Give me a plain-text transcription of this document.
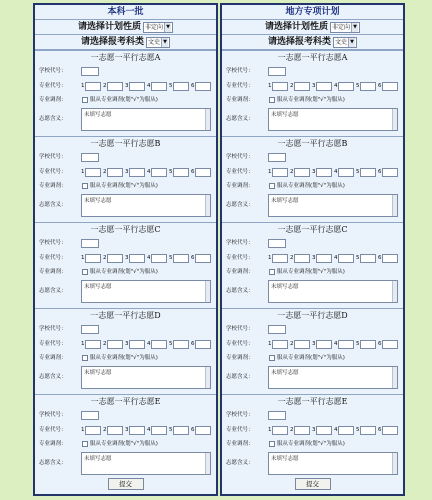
本科一批
请选择计划性质 非定向 ▼
请选择报考科类 文史 ▼
一志愿一平行志愿A
学校代号：
专业代号：	1	2	3	4	5	6
专业调剂：	服从专业调剂(划"√"为服从)
志愿含义：
未填写志愿
一志愿一平行志愿B
学校代号：
专业代号：	1	2	3	4	5	6
专业调剂：	服从专业调剂(划"√"为服从)
志愿含义：
未填写志愿
一志愿一平行志愿C
学校代号：
专业代号：	1	2	3	4	5	6
专业调剂：	服从专业调剂(划"√"为服从)
志愿含义：
未填写志愿
一志愿一平行志愿D
学校代号：
专业代号：	1	2	3	4	5	6
专业调剂：	服从专业调剂(划"√"为服从)
志愿含义：
未填写志愿
一志愿一平行志愿E
学校代号：
专业代号：	1	2	3	4	5	6
专业调剂：	服从专业调剂(划"√"为服从)
志愿含义：
未填写志愿
提交
地方专项计划
请选择计划性质 非定向 ▼
请选择报考科类 文史 ▼
一志愿一平行志愿A
学校代号：
专业代号：	1	2	3	4	5	6
专业调剂：	服从专业调剂(划"√"为服从)
志愿含义：
未填写志愿
一志愿一平行志愿B
学校代号：
专业代号：	1	2	3	4	5	6
专业调剂：	服从专业调剂(划"√"为服从)
志愿含义：
未填写志愿
一志愿一平行志愿C
学校代号：
专业代号：	1	2	3	4	5	6
专业调剂：	服从专业调剂(划"√"为服从)
志愿含义：
未填写志愿
一志愿一平行志愿D
学校代号：
专业代号：	1	2	3	4	5	6
专业调剂：	服从专业调剂(划"√"为服从)
志愿含义：
未填写志愿
一志愿一平行志愿E
学校代号：
专业代号：	1	2	3	4	5	6
专业调剂：	服从专业调剂(划"√"为服从)
志愿含义：
未填写志愿
提交
